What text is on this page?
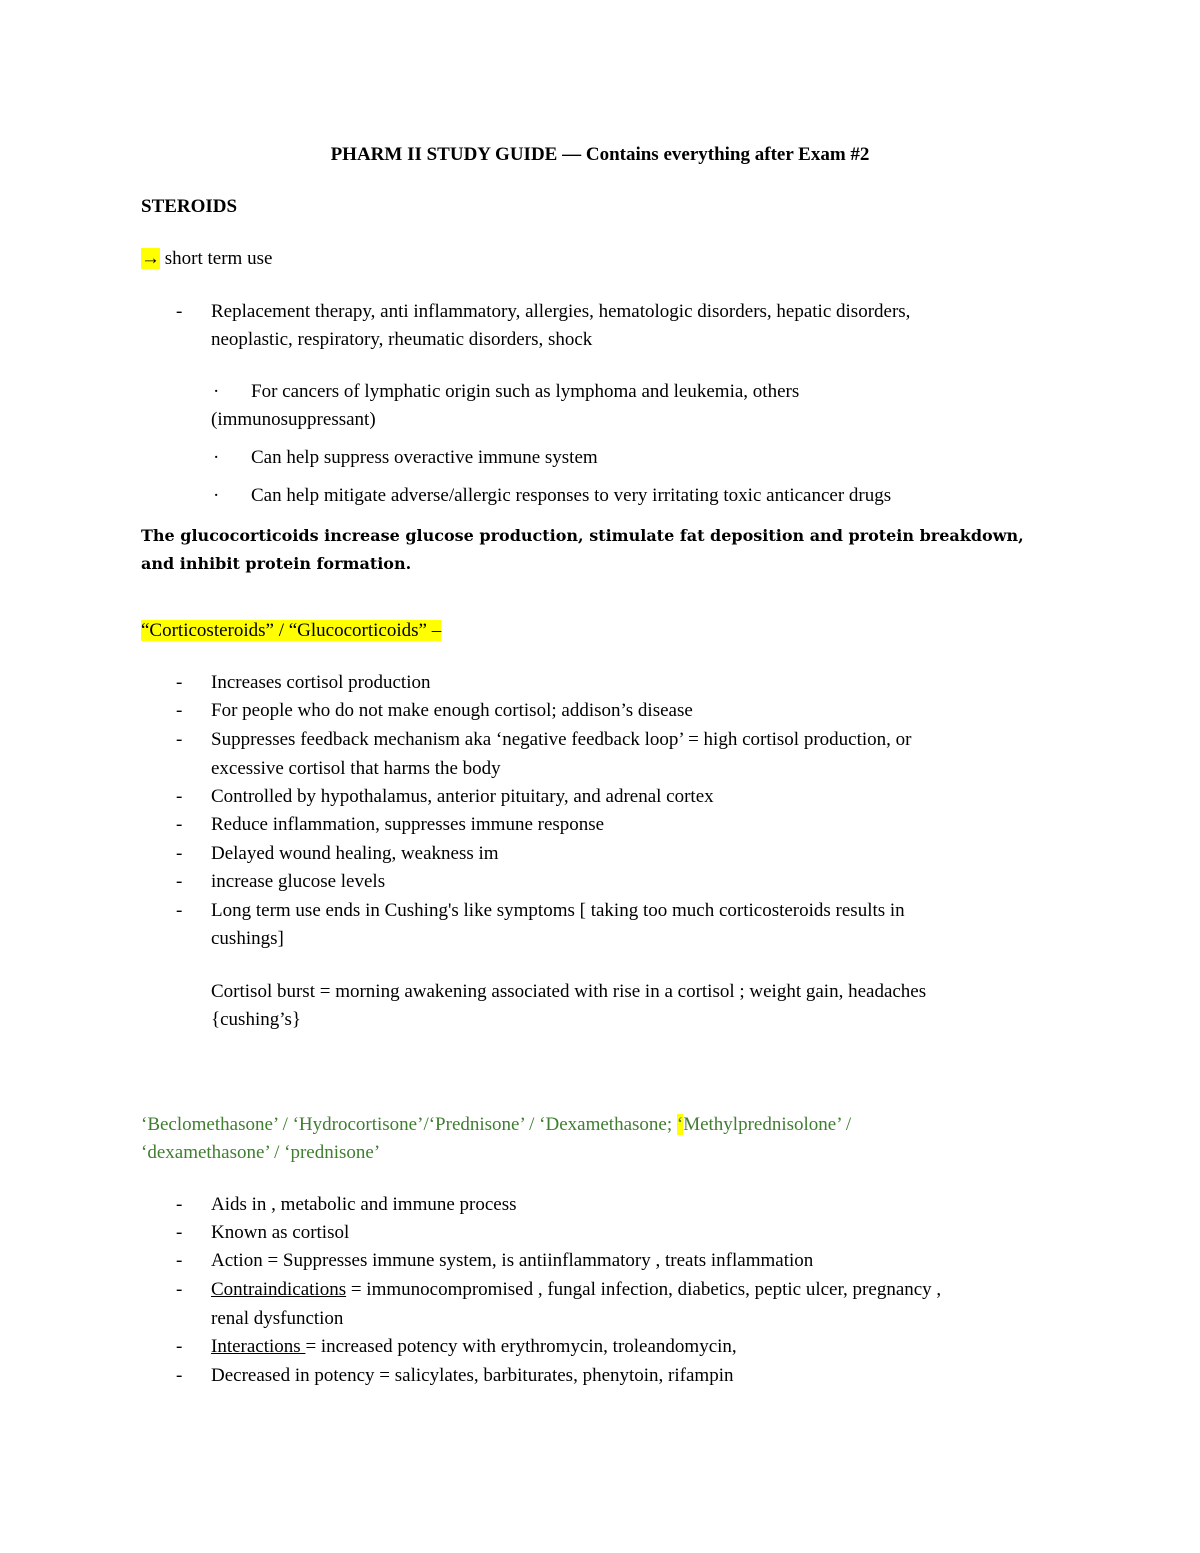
PHARM II STUDY GUIDE — Contains everything after Exam #2
STEROIDS
→ short term use
- Replacement therapy, anti inflammatory, allergies, hematologic disorders, hepatic disorders,
neoplastic, respiratory, rheumatic disorders, shock
· For cancers of lymphatic origin such as lymphoma and leukemia, others
(immunosuppressant)
· Can help suppress overactive immune system
· Can help mitigate adverse/allergic responses to very irritating toxic anticancer drugs
The glucocorticoids increase glucose production, stimulate fat deposition and protein breakdown,
and inhibit protein formation.
“Corticosteroids” / “Glucocorticoids” –
- Increases cortisol production
- For people who do not make enough cortisol; addison’s disease
- Suppresses feedback mechanism aka ‘negative feedback loop’ = high cortisol production, or
excessive cortisol that harms the body
- Controlled by hypothalamus, anterior pituitary, and adrenal cortex
- Reduce inflammation, suppresses immune response
- Delayed wound healing, weakness im
- increase glucose levels
- Long term use ends in Cushing's like symptoms [ taking too much corticosteroids results in
cushings]
Cortisol burst = morning awakening associated with rise in a cortisol ; weight gain, headaches
{cushing’s}
‘Beclomethasone’ / ‘Hydrocortisone’/‘Prednisone’ / ‘Dexamethasone; ‘Methylprednisolone’ /
‘dexamethasone’ / ‘prednisone’
- Aids in , metabolic and immune process
- Known as cortisol
- Action = Suppresses immune system, is antiinflammatory , treats inflammation
- Contraindications = immunocompromised , fungal infection, diabetics, peptic ulcer, pregnancy ,
renal dysfunction
- Interactions = increased potency with erythromycin, troleandomycin,
- Decreased in potency = salicylates, barbiturates, phenytoin, rifampin
